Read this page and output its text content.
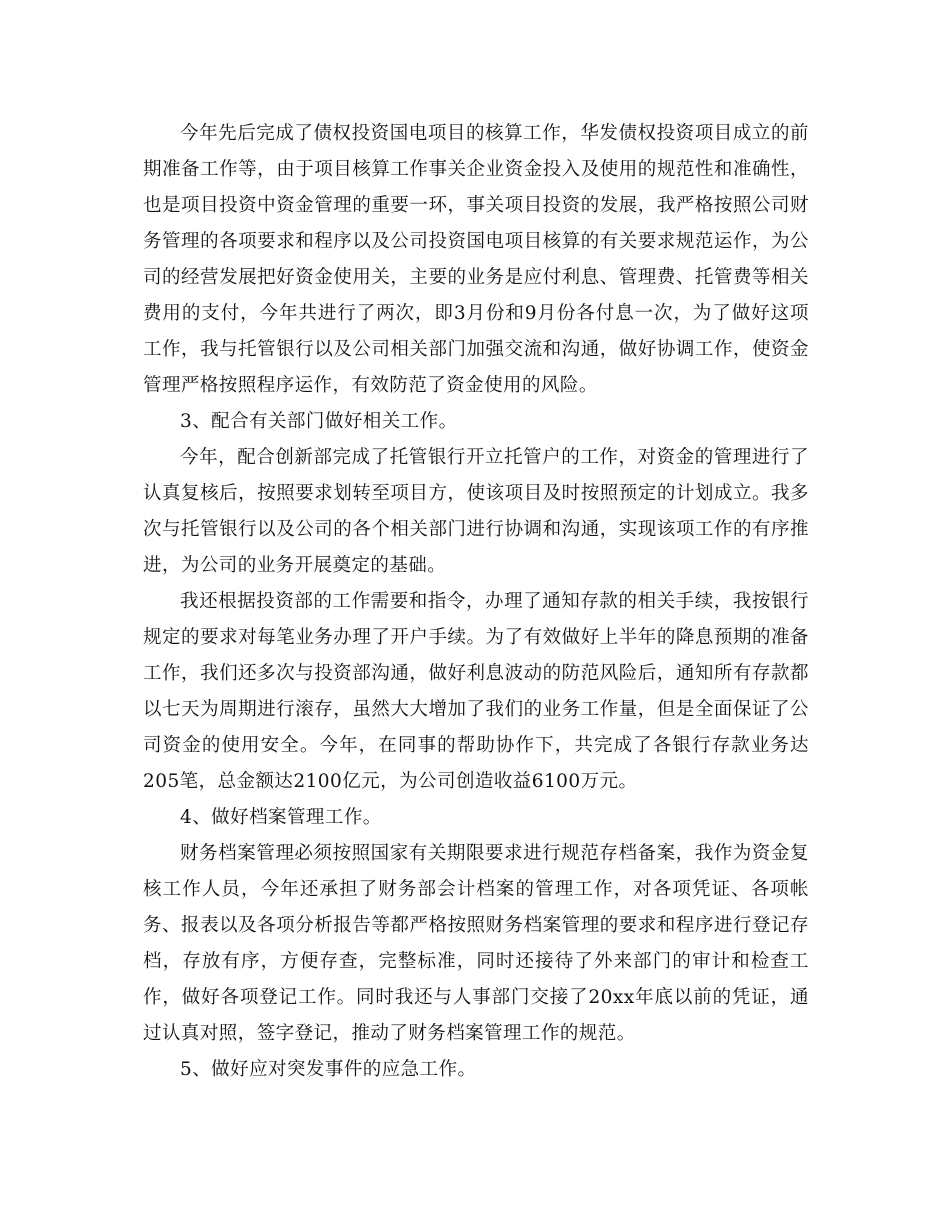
今年先后完成了债权投资国电项目的核算工作，华发债权投资项目成立的前期准备工作等，由于项目核算工作事关企业资金投入及使用的规范性和准确性，也是项目投资中资金管理的重要一环，事关项目投资的发展，我严格按照公司财务管理的各项要求和程序以及公司投资国电项目核算的有关要求规范运作，为公司的经营发展把好资金使用关，主要的业务是应付利息、管理费、托管费等相关费用的支付，今年共进行了两次，即3月份和9月份各付息一次，为了做好这项工作，我与托管银行以及公司相关部门加强交流和沟通，做好协调工作，使资金管理严格按照程序运作，有效防范了资金使用的风险。

3、配合有关部门做好相关工作。

今年，配合创新部完成了托管银行开立托管户的工作，对资金的管理进行了认真复核后，按照要求划转至项目方，使该项目及时按照预定的计划成立。我多次与托管银行以及公司的各个相关部门进行协调和沟通，实现该项工作的有序推进，为公司的业务开展奠定的基础。

我还根据投资部的工作需要和指令，办理了通知存款的相关手续，我按银行规定的要求对每笔业务办理了开户手续。为了有效做好上半年的降息预期的准备工作，我们还多次与投资部沟通，做好利息波动的防范风险后，通知所有存款都以七天为周期进行滚存，虽然大大增加了我们的业务工作量，但是全面保证了公司资金的使用安全。今年，在同事的帮助协作下，共完成了各银行存款业务达205笔，总金额达2100亿元，为公司创造收益6100万元。

4、做好档案管理工作。

财务档案管理必须按照国家有关期限要求进行规范存档备案，我作为资金复核工作人员，今年还承担了财务部会计档案的管理工作，对各项凭证、各项帐务、报表以及各项分析报告等都严格按照财务档案管理的要求和程序进行登记存档，存放有序，方便存查，完整标准，同时还接待了外来部门的审计和检查工作，做好各项登记工作。同时我还与人事部门交接了20xx年底以前的凭证，通过认真对照，签字登记，推动了财务档案管理工作的规范。

5、做好应对突发事件的应急工作。
